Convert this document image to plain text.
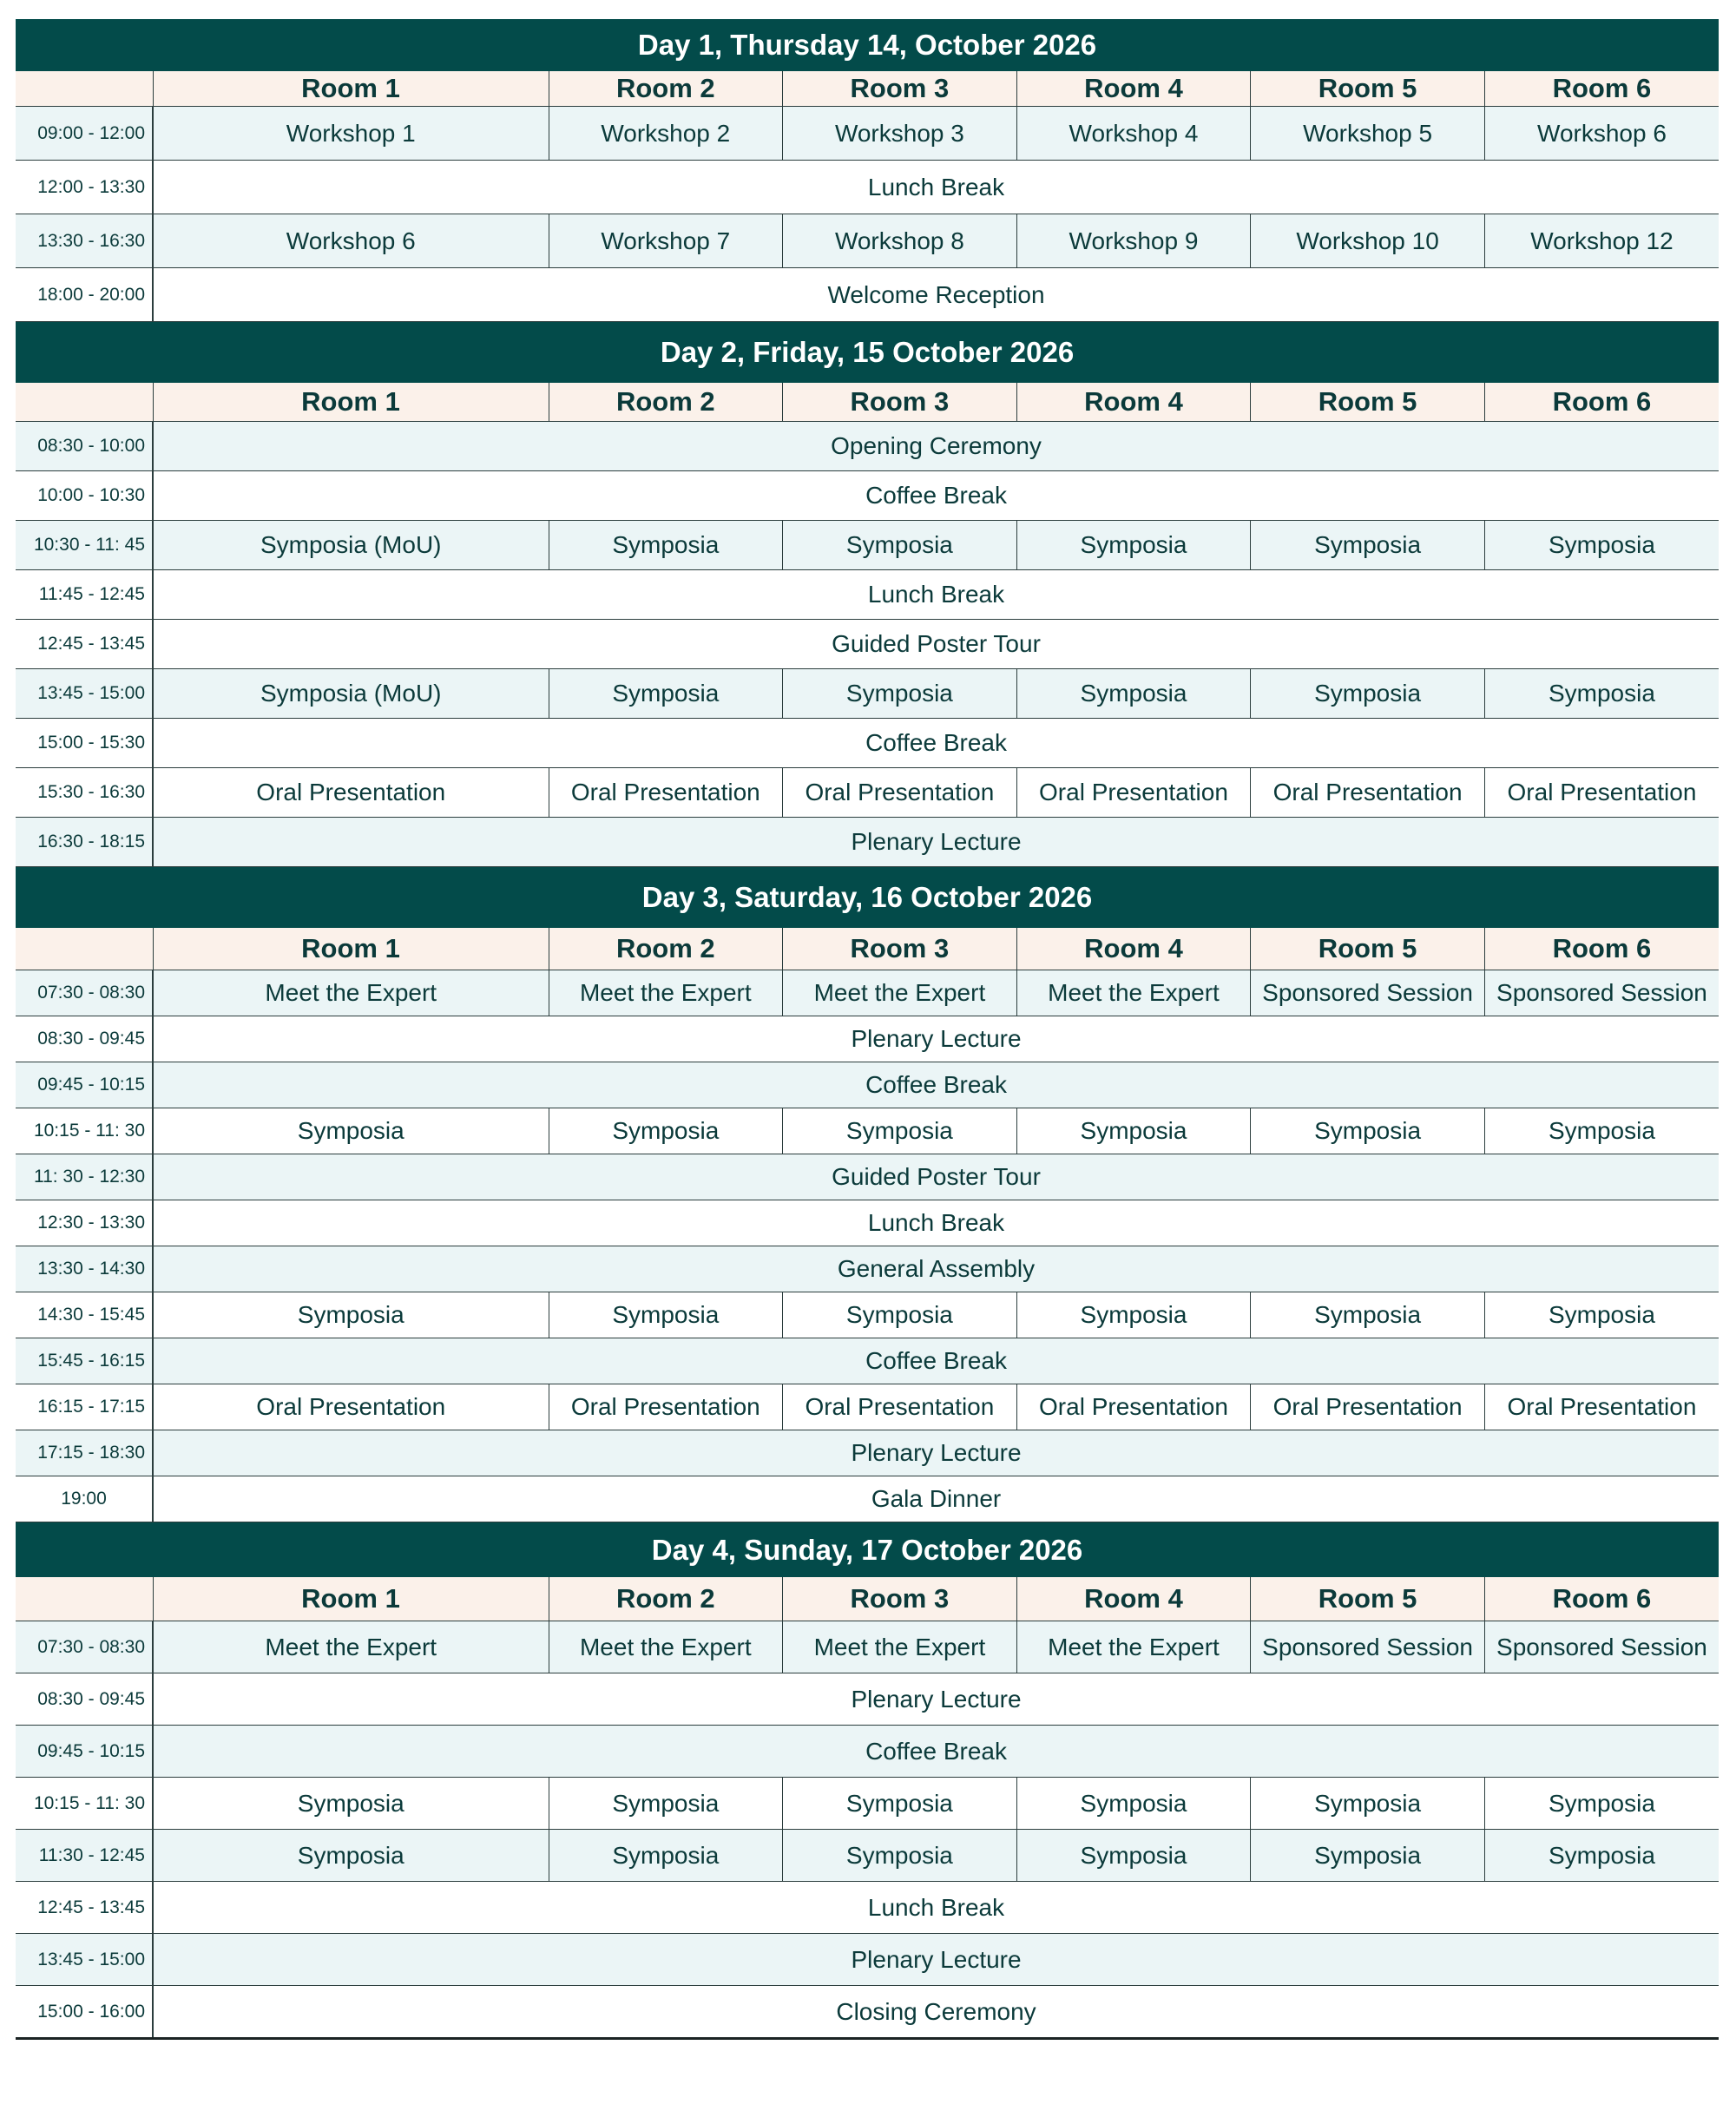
Day 1, Thursday 14, October 2026						
	Room 1	Room 2	Room 3	Room 4	Room 5	Room 6
09:00 - 12:00	Workshop 1	Workshop 2	Workshop 3	Workshop 4	Workshop 5	Workshop 6
12:00 - 13:30	Lunch Break					
13:30 - 16:30	Workshop 6	Workshop 7	Workshop 8	Workshop 9	Workshop 10	Workshop 12
18:00 - 20:00	Welcome Reception					
Day 2, Friday, 15 October 2026						
	Room 1	Room 2	Room 3	Room 4	Room 5	Room 6
08:30 - 10:00	Opening Ceremony					
10:00 - 10:30	Coffee Break					
10:30 - 11: 45	Symposia (MoU)	Symposia	Symposia	Symposia	Symposia	Symposia
11:45 - 12:45	Lunch Break					
12:45 - 13:45	Guided Poster Tour					
13:45 - 15:00	Symposia (MoU)	Symposia	Symposia	Symposia	Symposia	Symposia
15:00 - 15:30	Coffee Break					
15:30 - 16:30	Oral Presentation	Oral Presentation	Oral Presentation	Oral Presentation	Oral Presentation	Oral Presentation
16:30 - 18:15	Plenary Lecture					
Day 3, Saturday, 16 October 2026						
	Room 1	Room 2	Room 3	Room 4	Room 5	Room 6
07:30 - 08:30	Meet the Expert	Meet the Expert	Meet the Expert	Meet the Expert	Sponsored Session	Sponsored Session
08:30 - 09:45	Plenary Lecture					
09:45 - 10:15	Coffee Break					
10:15 - 11: 30	Symposia	Symposia	Symposia	Symposia	Symposia	Symposia
11: 30 - 12:30	Guided Poster Tour					
12:30 - 13:30	Lunch Break					
13:30 - 14:30	General Assembly					
14:30 - 15:45	Symposia	Symposia	Symposia	Symposia	Symposia	Symposia
15:45 - 16:15	Coffee Break					
16:15 - 17:15	Oral Presentation	Oral Presentation	Oral Presentation	Oral Presentation	Oral Presentation	Oral Presentation
17:15 - 18:30	Plenary Lecture					
19:00	Gala Dinner					
Day 4, Sunday, 17 October 2026						
	Room 1	Room 2	Room 3	Room 4	Room 5	Room 6
07:30 - 08:30	Meet the Expert	Meet the Expert	Meet the Expert	Meet the Expert	Sponsored Session	Sponsored Session
08:30 - 09:45	Plenary Lecture					
09:45 - 10:15	Coffee Break					
10:15 - 11: 30	Symposia	Symposia	Symposia	Symposia	Symposia	Symposia
11:30 - 12:45	Symposia	Symposia	Symposia	Symposia	Symposia	Symposia
12:45 - 13:45	Lunch Break					
13:45 - 15:00	Plenary Lecture					
15:00 - 16:00	Closing Ceremony					
